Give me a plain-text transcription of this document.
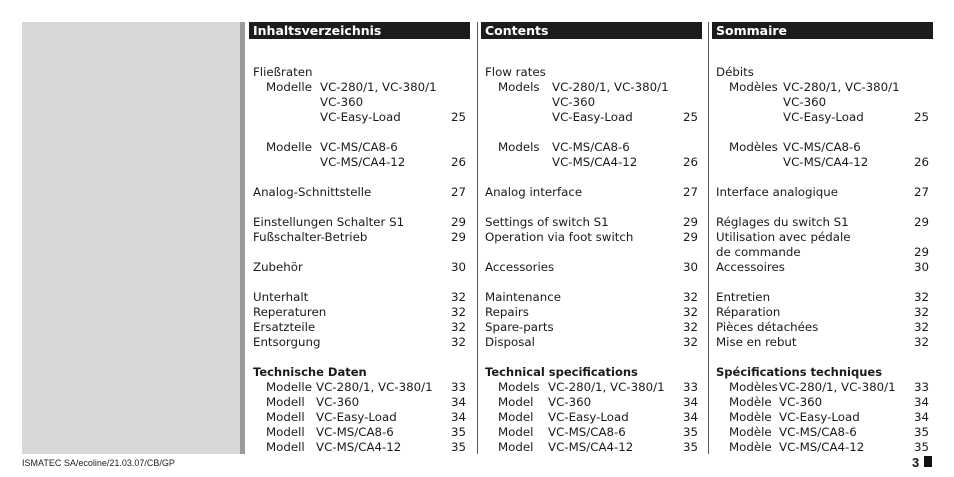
Inhaltsverzeichnis
Fließraten
Modelle VC-280/1, VC-380/1
VC-360
VC-Easy-Load	25
Modelle VC-MS/CA8-6
VC-MS/CA4-12	26
Analog-Schnittstelle	27
Einstellungen Schalter S1	29
Fußschalter-Betrieb	29
Zubehör	30
Unterhalt	32
Reperaturen	32
Ersatzteile	32
Entsorgung	32
Technische Daten
Modelle VC-280/1, VC-380/1 33
Modell VC-360	34
Modell VC-Easy-Load	34
Modell VC-MS/CA8-6	35
Modell VC-MS/CA4-12	35
Contents
Flow rates
Models VC-280/1, VC-380/1
VC-360
VC-Easy-Load	25
Models VC-MS/CA8-6
VC-MS/CA4-12	26
Analog interface	27
Settings of switch S1	29
Operation via foot switch	29
Accessories	30
Maintenance	32
Repairs	32
Spare-parts	32
Disposal	32
Technical specifications
Models VC-280/1, VC-380/1 33
Model VC-360	34
Model VC-Easy-Load	34
Model VC-MS/CA8-6	35
Model VC-MS/CA4-12	35
Sommaire
Débits
Modèles VC-280/1, VC-380/1
VC-360
VC-Easy-Load	25
Modèles VC-MS/CA8-6
VC-MS/CA4-12	26
Interface analogique	27
Réglages du switch S1	29
Utilisation avec pédale
de commande	29
Accessoires	30
Entretien	32
Réparation	32
Pièces détachées	32
Mise en rebut	32
Spécifications techniques
Modèles VC-280/1, VC-380/1 33
Modèle VC-360	34
Modèle VC-Easy-Load	34
Modèle VC-MS/CA8-6	35
Modèle VC-MS/CA4-12	35
ISMATEC SA/ecoline/21.03.07/CB/GP	3
